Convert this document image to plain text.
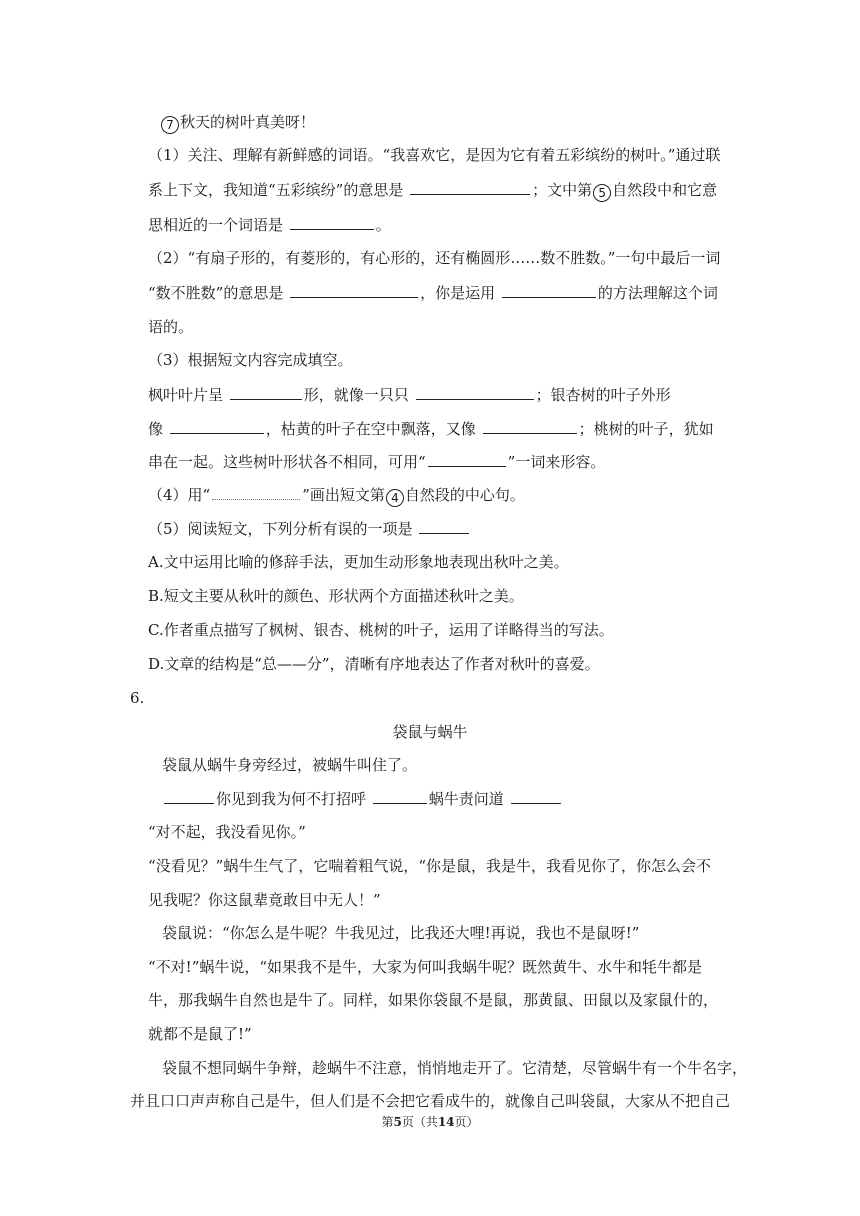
7 秋天的树叶真美呀！
（1）关注、理解有新鲜感的词语。“我喜欢它，是因为它有着五彩缤纷的树叶。”通过联
系上下文，我知道“五彩缤纷”的意思是	；文中第 5 自然段中和它意
思相近的一个词语是	。
（2）“有扇子形的，有菱形的，有心形的，还有椭圆形……数不胜数。”一句中最后一词
“数不胜数”的意思是	，你是运用	的方法理解这个词
语的。
（3）根据短文内容完成填空。
枫叶叶片呈	形，就像一只只	；银杏树的叶子外形
像	，枯黄的叶子在空中飘落，又像	；桃树的叶子，犹如
串在一起。这些树叶形状各不相同，可用“	”一词来形容。
（4）用“	”画出短文第 4 自然段的中心句。
（5）阅读短文，下列分析有误的一项是
A.文中运用比喻的修辞手法，更加生动形象地表现出秋叶之美。
B.短文主要从秋叶的颜色、形状两个方面描述秋叶之美。
C.作者重点描写了枫树、银杏、桃树的叶子，运用了详略得当的写法。
D.文章的结构是“总——分”，清晰有序地表达了作者对秋叶的喜爱。
6.
袋鼠与蜗牛
袋鼠从蜗牛身旁经过，被蜗牛叫住了。
你见到我为何不打招呼	蜗牛责问道
“对不起，我没看见你。”
“没看见？”蜗牛生气了，它喘着粗气说，“你是鼠，我是牛，我看见你了，你怎么会不
见我呢？你这鼠辈竟敢目中无人！”
袋鼠说：“你怎么是牛呢？牛我见过，比我还大哩!再说，我也不是鼠呀!”
“不对!”蜗牛说，“如果我不是牛，大家为何叫我蜗牛呢？既然黄牛、水牛和牦牛都是
牛，那我蜗牛自然也是牛了。同样，如果你袋鼠不是鼠，那黄鼠、田鼠以及家鼠什的，
就都不是鼠了!”
袋鼠不想同蜗牛争辩，趁蜗牛不注意，悄悄地走开了。它清楚，尽管蜗牛有一个牛名字，
并且口口声声称自己是牛，但人们是不会把它看成牛的，就像自己叫袋鼠，大家从不把自己
第5页（共14页）
